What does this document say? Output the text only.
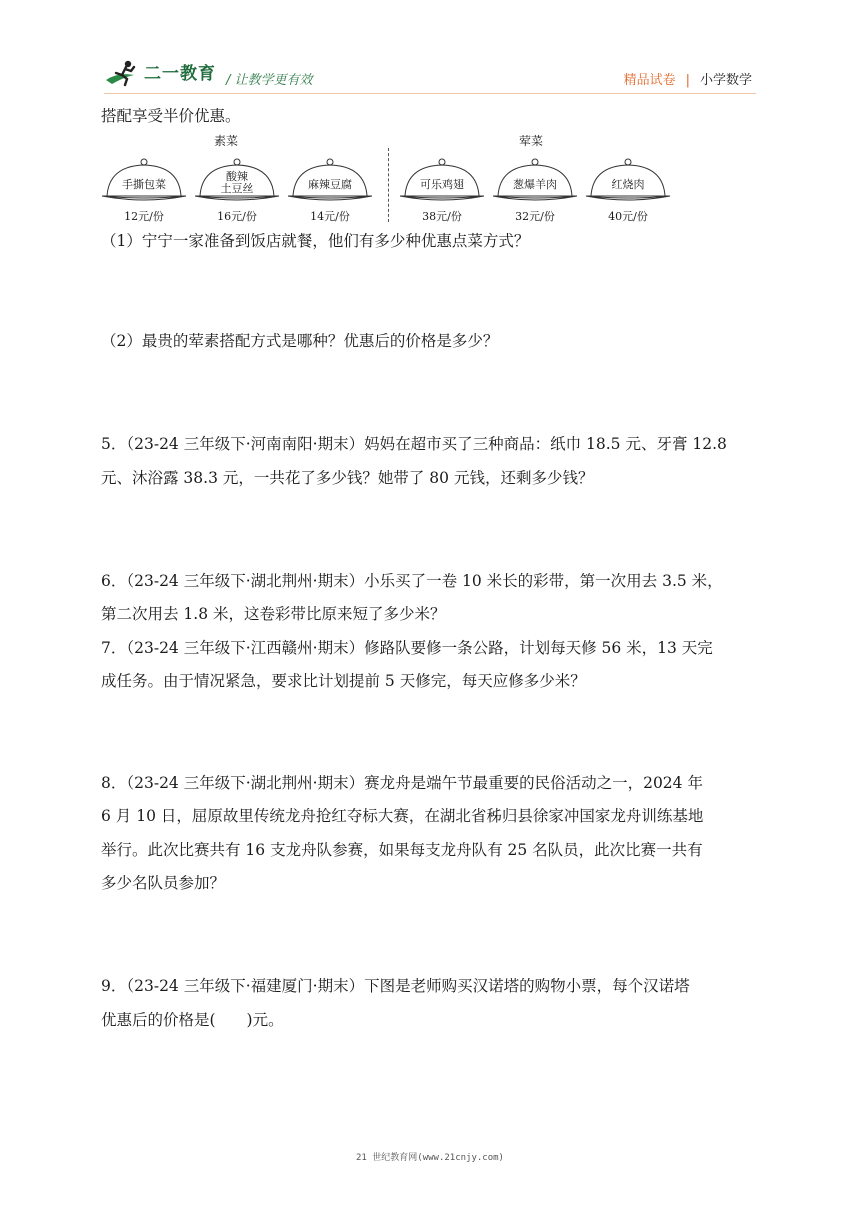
二一教育 / 让教学更有效	精品试卷 | 小学数学
搭配享受半价优惠。
素菜	荤菜
手撕包菜
12元/份
酸辣
土豆丝
16元/份
麻辣豆腐
14元/份
可乐鸡翅
38元/份
葱爆羊肉
32元/份
红烧肉
40元/份
（1）宁宁一家准备到饭店就餐，他们有多少种优惠点菜方式？
（2）最贵的荤素搭配方式是哪种？优惠后的价格是多少？
5．（23-24 三年级下·河南南阳·期末）妈妈在超市买了三种商品：纸巾 18.5 元、牙膏 12.8
元、沐浴露 38.3 元，一共花了多少钱？她带了 80 元钱，还剩多少钱？
6．（23-24 三年级下·湖北荆州·期末）小乐买了一卷 10 米长的彩带，第一次用去 3.5 米，
第二次用去 1.8 米，这卷彩带比原来短了多少米？
7．（23-24 三年级下·江西赣州·期末）修路队要修一条公路，计划每天修 56 米，13 天完
成任务。由于情况紧急，要求比计划提前 5 天修完，每天应修多少米？
8．（23-24 三年级下·湖北荆州·期末）赛龙舟是端午节最重要的民俗活动之一，2024 年
6 月 10 日，屈原故里传统龙舟抢红夺标大赛，在湖北省秭归县徐家冲国家龙舟训练基地
举行。此次比赛共有 16 支龙舟队参赛，如果每支龙舟队有 25 名队员，此次比赛一共有
多少名队员参加？
9．（23-24 三年级下·福建厦门·期末）下图是老师购买汉诺塔的购物小票，每个汉诺塔
优惠后的价格是(　　)元。
21 世纪教育网(www.21cnjy.com)
